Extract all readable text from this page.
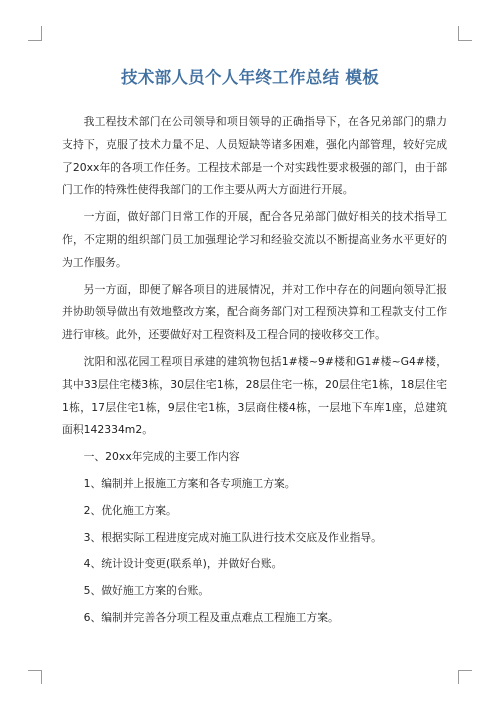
技术部人员个人年终工作总结 模板

我工程技术部门在公司领导和项目领导的正确指导下，在各兄弟部门的鼎力支持下，克服了技术力量不足、人员短缺等诸多困难，强化内部管理，较好完成了20xx年的各项工作任务。工程技术部是一个对实践性要求极强的部门，由于部门工作的特殊性使得我部门的工作主要从两大方面进行开展。

一方面，做好部门日常工作的开展，配合各兄弟部门做好相关的技术指导工作，不定期的组织部门员工加强理论学习和经验交流以不断提高业务水平更好的为工作服务。

另一方面，即便了解各项目的进展情况，并对工作中存在的问题向领导汇报并协助领导做出有效地整改方案，配合商务部门对工程预决算和工程款支付工作进行审核。此外，还要做好对工程资料及工程合同的接收移交工作。

沈阳和泓花园工程项目承建的建筑物包括1#楼~9#楼和G1#楼~G4#楼，其中33层住宅楼3栋，30层住宅1栋，28层住宅一栋，20层住宅1栋，18层住宅1栋，17层住宅1栋，9层住宅1栋，3层商住楼4栋，一层地下车库1座，总建筑面积142334m2。

一、20xx年完成的主要工作内容

1、编制并上报施工方案和各专项施工方案。

2、优化施工方案。

3、根据实际工程进度完成对施工队进行技术交底及作业指导。

4、统计设计变更(联系单)，并做好台账。

5、做好施工方案的台账。

6、编制并完善各分项工程及重点难点工程施工方案。
